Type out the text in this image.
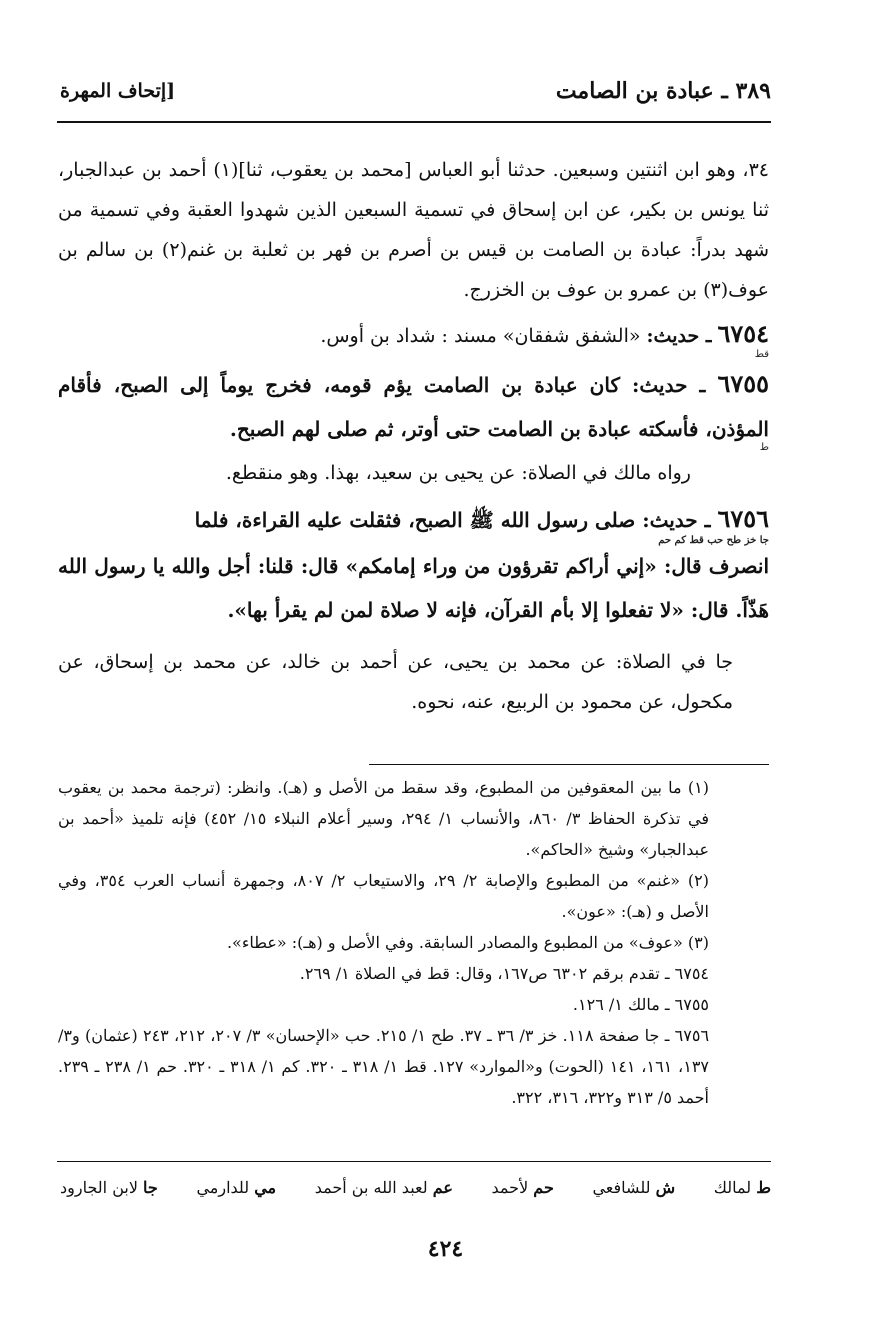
٣٨٩ ـ عبادة بن الصامت
[إتحاف المهرة

٣٤، وهو ابن اثنتين وسبعين. حدثنا أبو العباس [محمد بن يعقوب، ثنا](١) أحمد بن عبدالجبار، ثنا يونس بن بكير، عن ابن إسحاق في تسمية السبعين الذين شهدوا العقبة وفي تسمية من شهد بدراً: عبادة بن الصامت بن قيس بن أصرم بن فهر بن ثعلبة بن غنم(٢) بن سالم بن عوف(٣) بن عمرو بن عوف بن الخزرج.

٦٧٥٤ ـ حديث: «الشفق شفقان» مسند : شداد بن أوس.
قط

٦٧٥٥ ـ حديث: كان عبادة بن الصامت يؤم قومه، فخرج يوماً إلى الصبح، فأقام المؤذن، فأسكته عبادة بن الصامت حتى أوتر، ثم صلى لهم الصبح.

ط

رواه مالك في الصلاة: عن يحيى بن سعيد، بهذا. وهو منقطع.

٦٧٥٦ ـ حديث: صلى رسول الله ﷺ الصبح، فثقلت عليه القراءة، فلما
جا خز طح حب قط كم حم
انصرف قال: «إني أراكم تقرؤون من وراء إمامكم» قال: قلنا: أجل والله يا رسول الله هَذّاً. قال: «لا تفعلوا إلا بأم القرآن، فإنه لا صلاة لمن لم يقرأ بها».

جا في الصلاة: عن محمد بن يحيى، عن أحمد بن خالد، عن محمد بن إسحاق، عن مكحول، عن محمود بن الربيع، عنه، نحوه.

(١) ما بين المعقوفين من المطبوع، وقد سقط من الأصل و (هـ). وانظر: (ترجمة محمد بن يعقوب في تذكرة الحفاظ ٣/ ٨٦٠، والأنساب ١/ ٢٩٤، وسير أعلام النبلاء ١٥/ ٤٥٢) فإنه تلميذ «أحمد بن عبدالجبار» وشيخ «الحاكم».

(٢) «غنم» من المطبوع والإصابة ٢/ ٢٩، والاستيعاب ٢/ ٨٠٧، وجمهرة أنساب العرب ٣٥٤، وفي الأصل و (هـ): «عون».

(٣) «عوف» من المطبوع والمصادر السابقة. وفي الأصل و (هـ): «عطاء».

٦٧٥٤ ـ تقدم برقم ٦٣٠٢ ص١٦٧، وقال: قط في الصلاة ١/ ٢٦٩.

٦٧٥٥ ـ مالك ١/ ١٢٦.

٦٧٥٦ ـ جا صفحة ١١٨. خز ٣/ ٣٦ ـ ٣٧. طح ١/ ٢١٥. حب «الإحسان» ٣/ ٢٠٧، ٢١٢، ٢٤٣ (عثمان) و٣/ ١٣٧، ١٦١، ١٤١ (الحوت) و«الموارد» ١٢٧. قط ١/ ٣١٨ ـ ٣٢٠. كم ١/ ٣١٨ ـ ٣٢٠. حم ١/ ٢٣٨ ـ ٢٣٩. أحمد ٥/ ٣١٣ و٣٢٢، ٣١٦، ٣٢٢.

ط لمالك
ش للشافعي
حم لأحمد
عم لعبد الله بن أحمد
مي للدارمي
جا لابن الجارود
٤٢٤
